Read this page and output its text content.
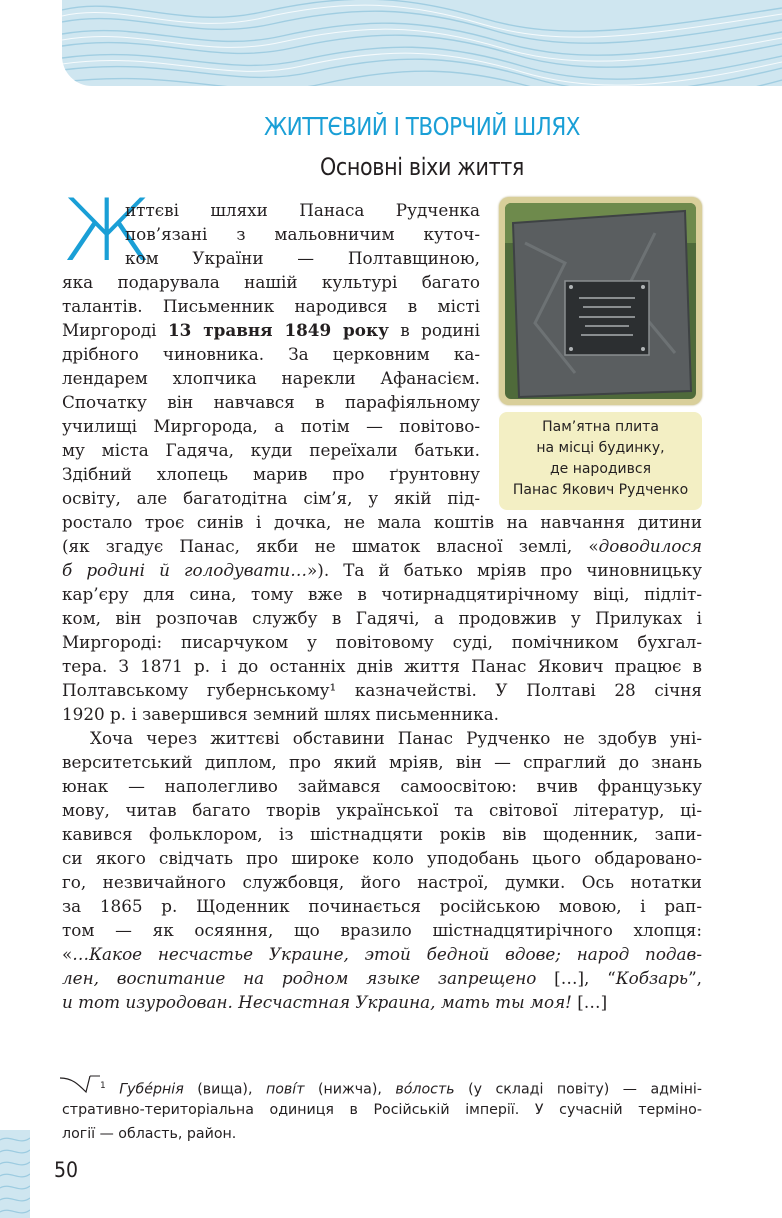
ЖИТТЄВИЙ І ТВОРЧИЙ ШЛЯХ
Основні віхи життя
Пам’ятна плита
на місці будинку,
де народився
Панас Якович Рудченко
Ж
иттєві шляхи Панаса Рудченка
пов’язані з мальовничим куточ-
ком України — Полтавщиною,
яка подарувала нашій культурі багато
талантів. Письменник народився в місті
Миргороді 13 травня 1849 року в родині
дрібного чиновника. За церковним ка-
лендарем хлопчика нарекли Афанасієм.
Спочатку він навчався в парафіяльному
училищі Миргорода, а потім — повітово-
му міста Гадяча, куди переїхали батьки.
Здібний хлопець марив про ґрунтовну
освіту, але багатодітна сім’я, у якій під-
ростало троє синів і дочка, не мала коштів на навчання дитини
(як згадує Панас, якби не шматок власної землі, «доводилося
б родині й голодувати…»). Та й батько мріяв про чиновницьку
кар’єру для сина, тому вже в чотирнадцятирічному віці, підліт-
ком, він розпочав службу в Гадячі, а продовжив у Прилуках і
Миргороді: писарчуком у повітовому суді, помічником бухгал-
тера. З 1871 р. і до останніх днів життя Панас Якович працює в
Полтавському губернському¹ казначействі. У Полтаві 28 січня
1920 р. і завершився земний шлях письменника.
Хоча через життєві обставини Панас Рудченко не здобув уні-
верситетський диплом, про який мріяв, він — спраглий до знань
юнак — наполегливо займався самоосвітою: вчив французьку
мову, читав багато творів української та світової літератур, ці-
кавився фольклором, із шістнадцяти років вів щоденник, запи-
си якого свідчать про широке коло уподобань цього обдаровано-
го, незвичайного службовця, його настрої, думки. Ось нотатки
за 1865 р. Щоденник починається російською мовою, і рап-
том — як осяяння, що вразило шістнадцятирічного хлопця:
«…Какое несчастье Украине, этой бедной вдове; народ подав-
лен, воспитание на родном языке запрещено […], “Кобзарь”,
и тот изуродован. Несчастная Украина, мать ты моя! […]
$^1$ Губéрнія (вища), повíт (нижча), вóлость (у складі повіту) — адміні-
стративно-територіальна одиниця в Російській імперії. У сучасній терміно-
логії — область, район.
50
